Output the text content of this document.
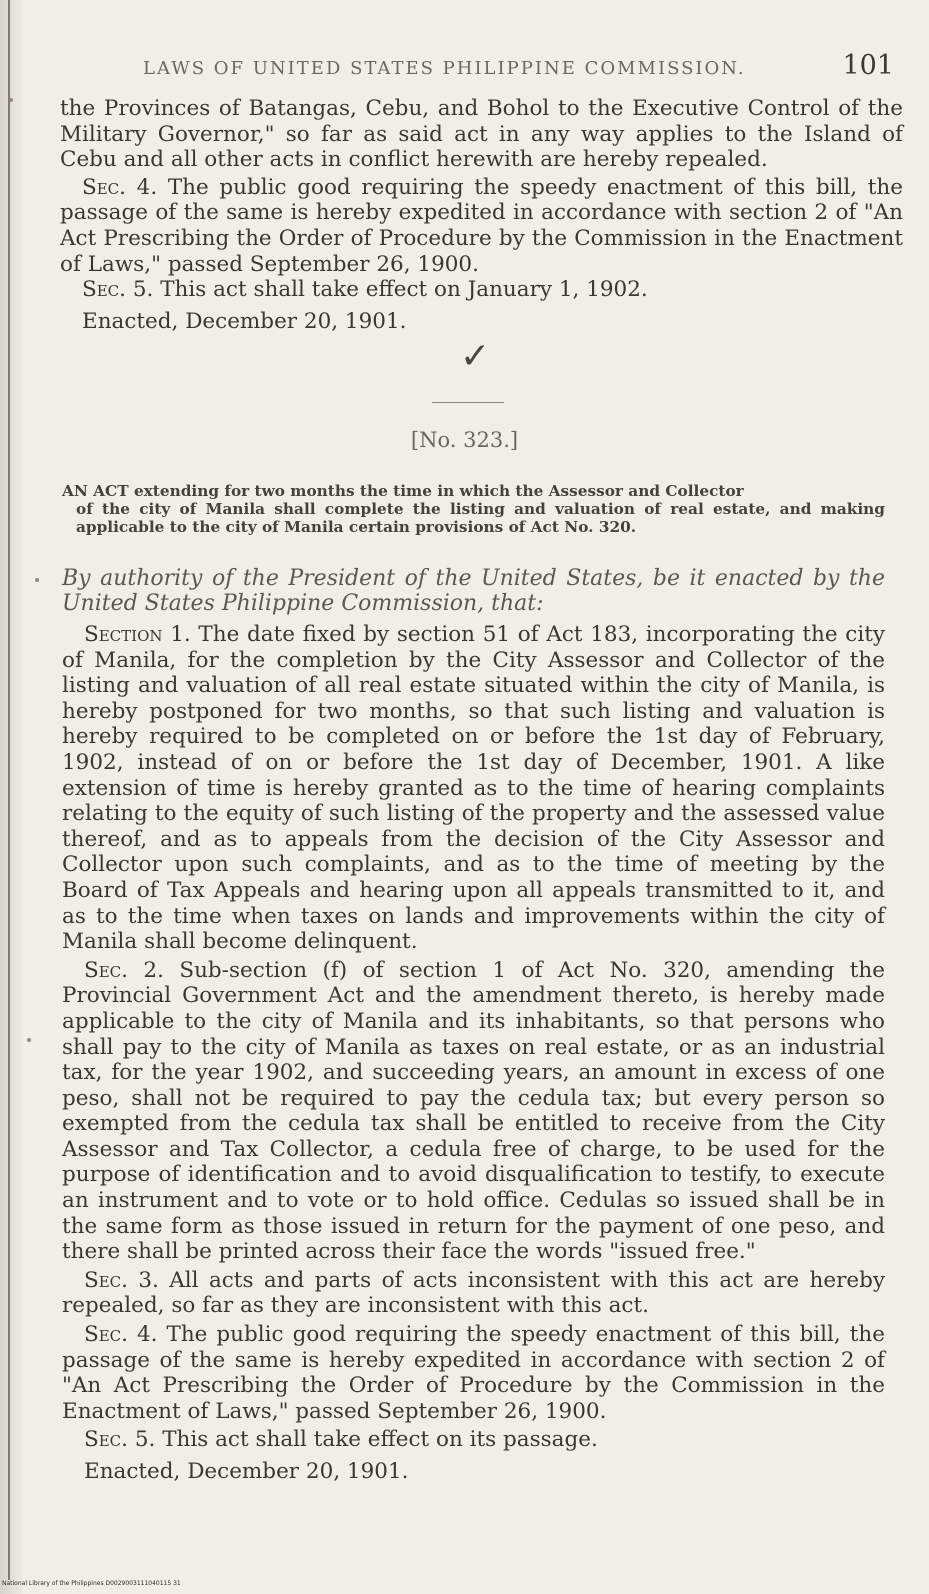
LAWS OF UNITED STATES PHILIPPINE COMMISSION.	101

the Provinces of Batangas, Cebu, and Bohol to the Executive Control of the Military Governor," so far as said act in any way applies to the Island of Cebu and all other acts in conflict herewith are hereby repealed.

Sec. 4. The public good requiring the speedy enactment of this bill, the passage of the same is hereby expedited in accordance with section 2 of "An Act Prescribing the Order of Procedure by the Commission in the Enactment of Laws," passed September 26, 1900.

Sec. 5. This act shall take effect on January 1, 1902.

Enacted, December 20, 1901.

✓
[No. 323.]
AN ACT extending for two months the time in which the Assessor and Collector
of the city of Manila shall complete the listing and valuation of real estate, and making applicable to the city of Manila certain provisions of Act No. 320.

By authority of the President of the United States, be it enacted by the United States Philippine Commission, that:

Section 1. The date fixed by section 51 of Act 183, incorporating the city of Manila, for the completion by the City Assessor and Collector of the listing and valuation of all real estate situated within the city of Manila, is hereby postponed for two months, so that such listing and valuation is hereby required to be completed on or before the 1st day of February, 1902, instead of on or before the 1st day of December, 1901. A like extension of time is hereby granted as to the time of hearing complaints relating to the equity of such listing of the property and the assessed value thereof, and as to appeals from the decision of the City Assessor and Collector upon such complaints, and as to the time of meeting by the Board of Tax Appeals and hearing upon all appeals transmitted to it, and as to the time when taxes on lands and improvements within the city of Manila shall become delinquent.

Sec. 2. Sub-section (f) of section 1 of Act No. 320, amending the Provincial Government Act and the amendment thereto, is hereby made applicable to the city of Manila and its inhabitants, so that persons who shall pay to the city of Manila as taxes on real estate, or as an industrial tax, for the year 1902, and succeeding years, an amount in excess of one peso, shall not be required to pay the cedula tax; but every person so exempted from the cedula tax shall be entitled to receive from the City Assessor and Tax Collector, a cedula free of charge, to be used for the purpose of identification and to avoid disqualification to testify, to execute an instrument and to vote or to hold office. Cedulas so issued shall be in the same form as those issued in return for the payment of one peso, and there shall be printed across their face the words "issued free."

Sec. 3. All acts and parts of acts inconsistent with this act are hereby repealed, so far as they are inconsistent with this act.

Sec. 4. The public good requiring the speedy enactment of this bill, the passage of the same is hereby expedited in accordance with section 2 of "An Act Prescribing the Order of Procedure by the Commission in the Enactment of Laws," passed September 26, 1900.

Sec. 5. This act shall take effect on its passage.

Enacted, December 20, 1901.

National Library of the Philippines D0029003111040115 31
